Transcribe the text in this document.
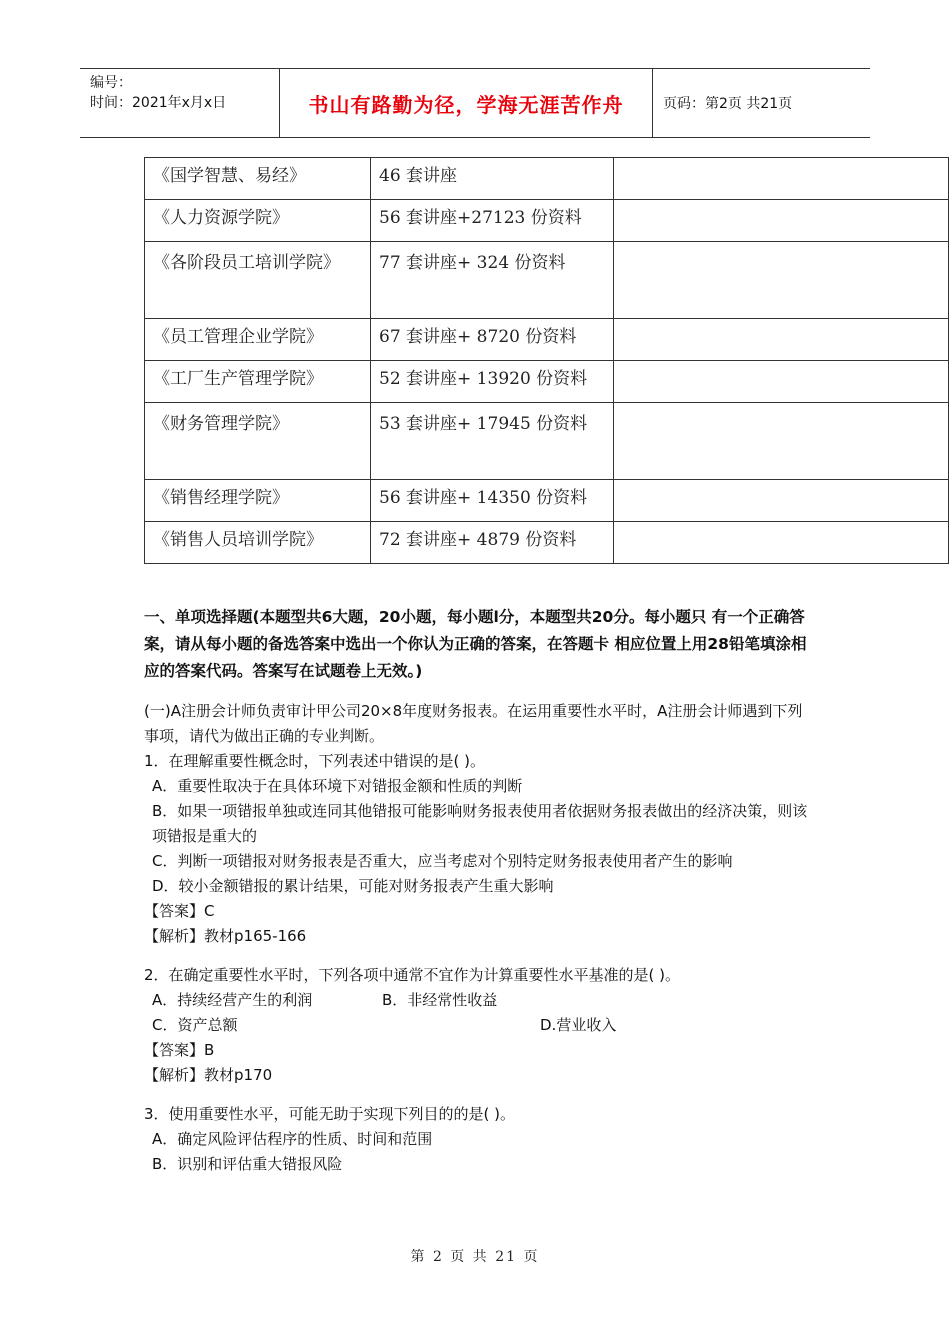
编号：
时间：2021年x月x日	书山有路勤为径，学海无涯苦作舟	页码：第2页 共21页
《国学智慧、易经》	46 套讲座	
《人力资源学院》	56 套讲座+27123 份资料	
《各阶段员工培训学院》	77 套讲座+ 324 份资料	
《员工管理企业学院》	67 套讲座+ 8720 份资料	
《工厂生产管理学院》	52 套讲座+ 13920 份资料	
《财务管理学院》	53 套讲座+ 17945 份资料	
《销售经理学院》	56 套讲座+ 14350 份资料	
《销售人员培训学院》	72 套讲座+ 4879 份资料	

一、单项选择题(本题型共6大题，20小题，每小题l分，本题型共20分。每小题只 有一个正确答案，请从每小题的备选答案中选出一个你认为正确的答案，在答题卡 相应位置上用28铅笔填涂相应的答案代码。答案写在试题卷上无效。)

(一)A注册会计师负责审计甲公司20×8年度财务报表。在运用重要性水平时，A注册会计师遇到下列事项，请代为做出正确的专业判断。

1．在理解重要性概念时，下列表述中错误的是( )。

A．重要性取决于在具体环境下对错报金额和性质的判断

B．如果一项错报单独或连同其他错报可能影响财务报表使用者依据财务报表做出的经济决策，则该项错报是重大的

C．判断一项错报对财务报表是否重大，应当考虑对个别特定财务报表使用者产生的影响

D．较小金额错报的累计结果，可能对财务报表产生重大影响

【答案】C

【解析】教材p165-166

2．在确定重要性水平时，下列各项中通常不宜作为计算重要性水平基准的是( )。

A．持续经营产生的利润	B．非经常性收益
C．资产总额	D.营业收入

【答案】B

【解析】教材p170

3．使用重要性水平，可能无助于实现下列目的的是( )。

A．确定风险评估程序的性质、时间和范围

B．识别和评估重大错报风险

第 2 页 共 21 页
